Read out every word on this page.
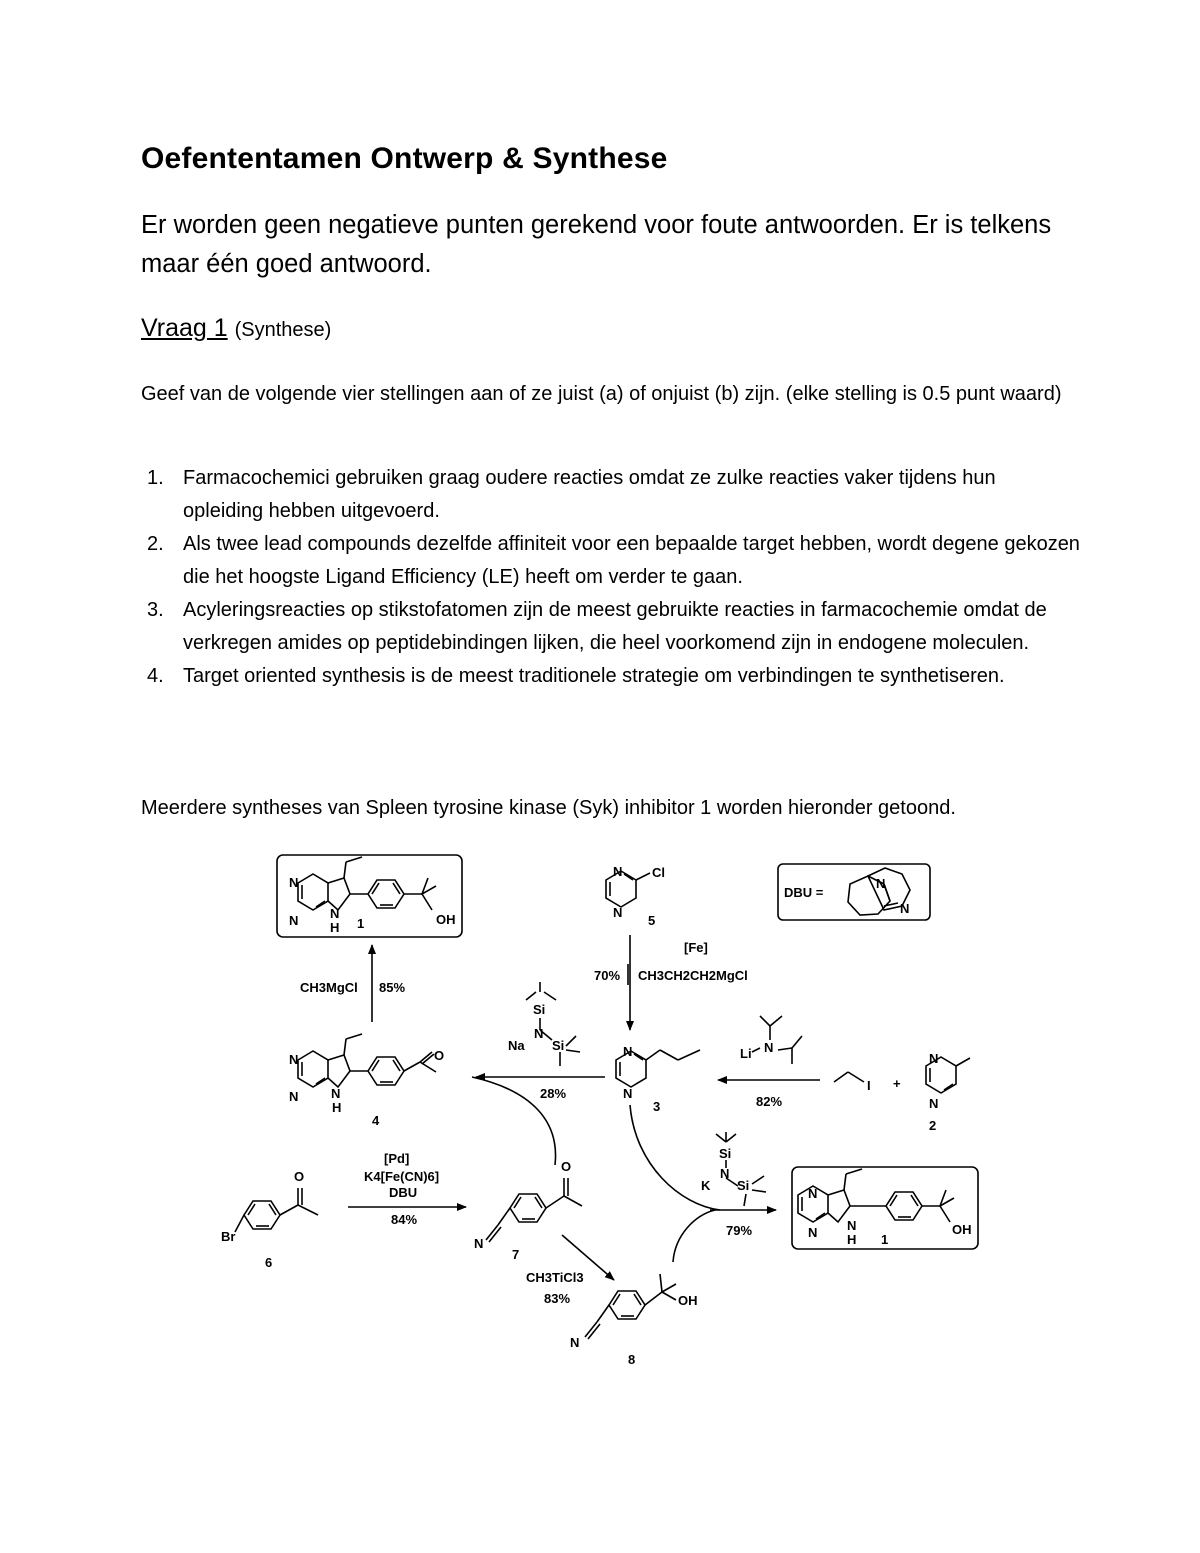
Oefententamen Ontwerp & Synthese
Er worden geen negatieve punten gerekend voor foute antwoorden. Er is telkens maar één goed antwoord.
Vraag 1 (Synthese)
Geef van de volgende vier stellingen aan of ze juist (a) of onjuist (b) zijn. (elke stelling is 0.5 punt waard)
1. Farmacochemici gebruiken graag oudere reacties omdat ze zulke reacties vaker tijdens hun opleiding hebben uitgevoerd.
2. Als twee lead compounds dezelfde affiniteit voor een bepaalde target hebben, wordt degene gekozen die het hoogste Ligand Efficiency (LE) heeft om verder te gaan.
3. Acyleringsreacties op stikstofatomen zijn de meest gebruikte reacties in farmacochemie omdat de verkregen amides op peptidebindingen lijken, die heel voorkomend zijn in endogene moleculen.
4. Target oriented synthesis is de meest traditionele strategie om verbindingen te synthetiseren.
Meerdere syntheses van Spleen tyrosine kinase (Syk) inhibitor 1 worden hieronder getoond.
N
N N
H 1	OH
N
N
Cl
5
DBU =
N
N
[Fe]
70% CH3CH2CH2MgCl
CH3MgCl 85%
N
N	N
H
O
4
Si
N
Na Si
28%
N
N
3
N
Li
82%
I +
N
N
2
[Pd]
K4[Fe(CN)6]
DBU
84%
O
Br
6
O
N
7
CH3TiCl3
83%	OH
N
8
Si
N
K Si
79%
N
N N
H 1
OH
